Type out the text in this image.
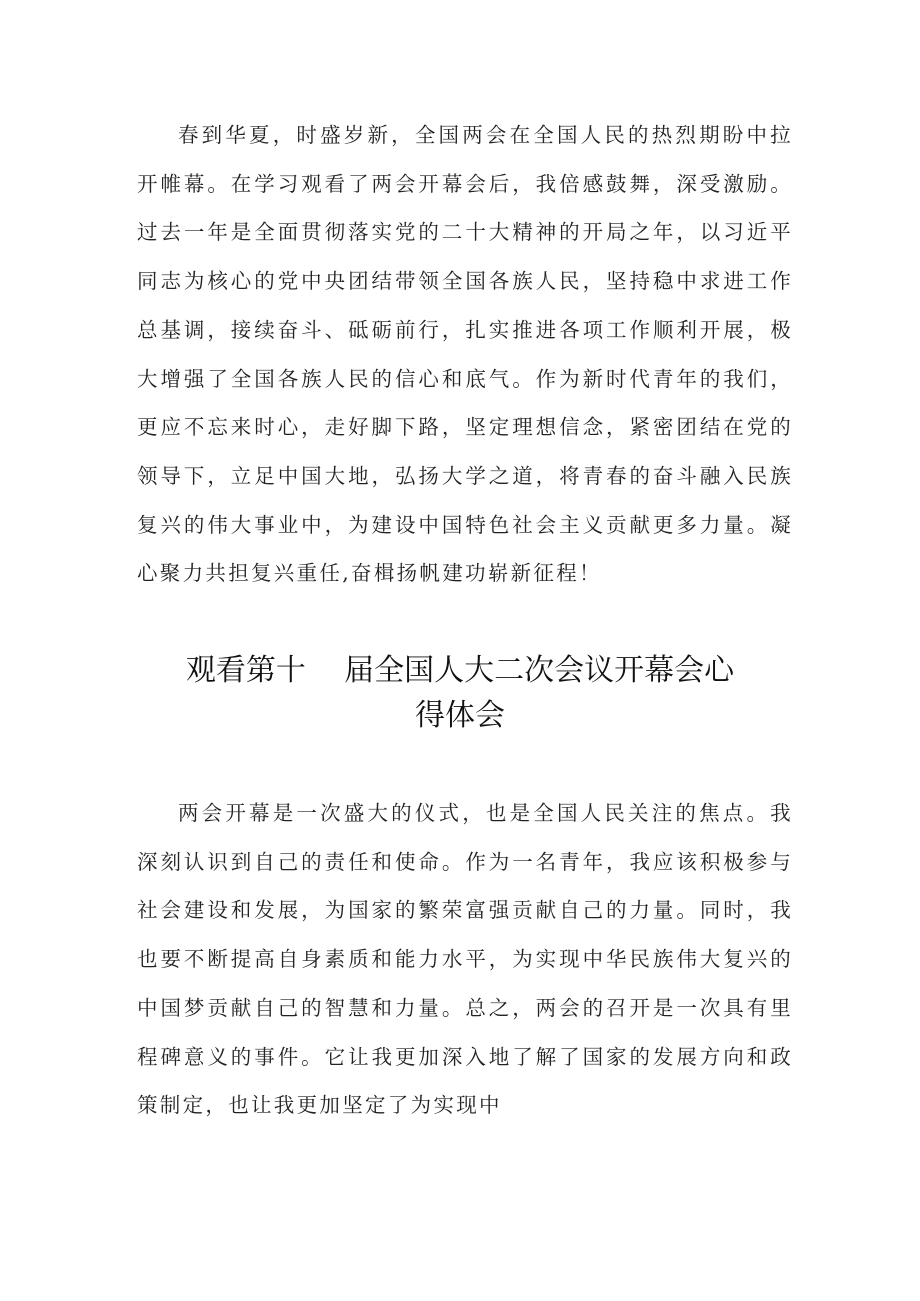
春到华夏，时盛岁新，全国两会在全国人民的热烈期盼中拉开帷幕。在学习观看了两会开幕会后，我倍感鼓舞，深受激励。过去一年是全面贯彻落实党的二十大精神的开局之年，以习近平同志为核心的党中央团结带领全国各族人民，坚持稳中求进工作总基调，接续奋斗、砥砺前行，扎实推进各项工作顺利开展，极大增强了全国各族人民的信心和底气。作为新时代青年的我们，更应不忘来时心，走好脚下路，坚定理想信念，紧密团结在党的领导下，立足中国大地，弘扬大学之道，将青春的奋斗融入民族复兴的伟大事业中，为建设中国特色社会主义贡献更多力量。凝心聚力共担复兴重任,奋楫扬帆建功崭新征程！

观看第十    届全国人大二次会议开幕会心
得体会

两会开幕是一次盛大的仪式，也是全国人民关注的焦点。我深刻认识到自己的责任和使命。作为一名青年，我应该积极参与社会建设和发展，为国家的繁荣富强贡献自己的力量。同时，我也要不断提高自身素质和能力水平，为实现中华民族伟大复兴的中国梦贡献自己的智慧和力量。总之，两会的召开是一次具有里程碑意义的事件。它让我更加深入地了解了国家的发展方向和政策制定，也让我更加坚定了为实现中
